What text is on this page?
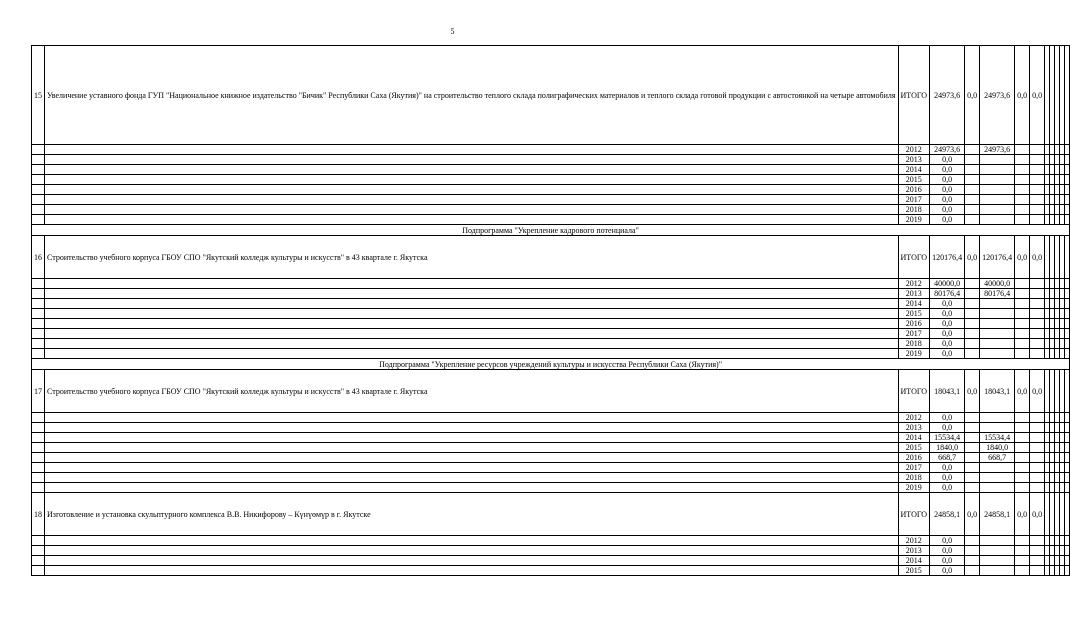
5
15	Увеличение уставного фонда ГУП "Национальное книжное издательство "Бичик" Республики Саха (Якутия)" на строительство теплого склада полиграфических материалов и теплого склада готовой продукции с автостоянкой на четыре автомобиля	ИТОГО	24973,6	0,0	24973,6	0,0	0,0					
		2012	24973,6		24973,6							
		2013	0,0									
		2014	0,0									
		2015	0,0									
		2016	0,0									
		2017	0,0									
		2018	0,0									
		2019	0,0									
Подпрограмма "Укрепление кадрового потенциала"												
16	Строительство учебного корпуса ГБОУ СПО "Якутский колледж культуры и искусств" в 43 квартале г. Якутска	ИТОГО	120176,4	0,0	120176,4	0,0	0,0					
		2012	40000,0		40000,0							
		2013	80176,4		80176,4							
		2014	0,0									
		2015	0,0									
		2016	0,0									
		2017	0,0									
		2018	0,0									
		2019	0,0									
Подпрограмма "Укрепление ресурсов учреждений культуры и искусства Республики Саха (Якутия)"												
17	Строительство учебного корпуса ГБОУ СПО "Якутский колледж культуры и искусств" в 43 квартале г. Якутска	ИТОГО	18043,1	0,0	18043,1	0,0	0,0					
		2012	0,0									
		2013	0,0									
		2014	15534,4		15534,4							
		2015	1840,0		1840,0							
		2016	668,7		668,7							
		2017	0,0									
		2018	0,0									
		2019	0,0									
18	Изготовление и установка скульптурного комплекса В.В. Никифорову – Күнүөмүр в г. Якутске	ИТОГО	24858,1	0,0	24858,1	0,0	0,0					
		2012	0,0									
		2013	0,0									
		2014	0,0									
		2015	0,0									
